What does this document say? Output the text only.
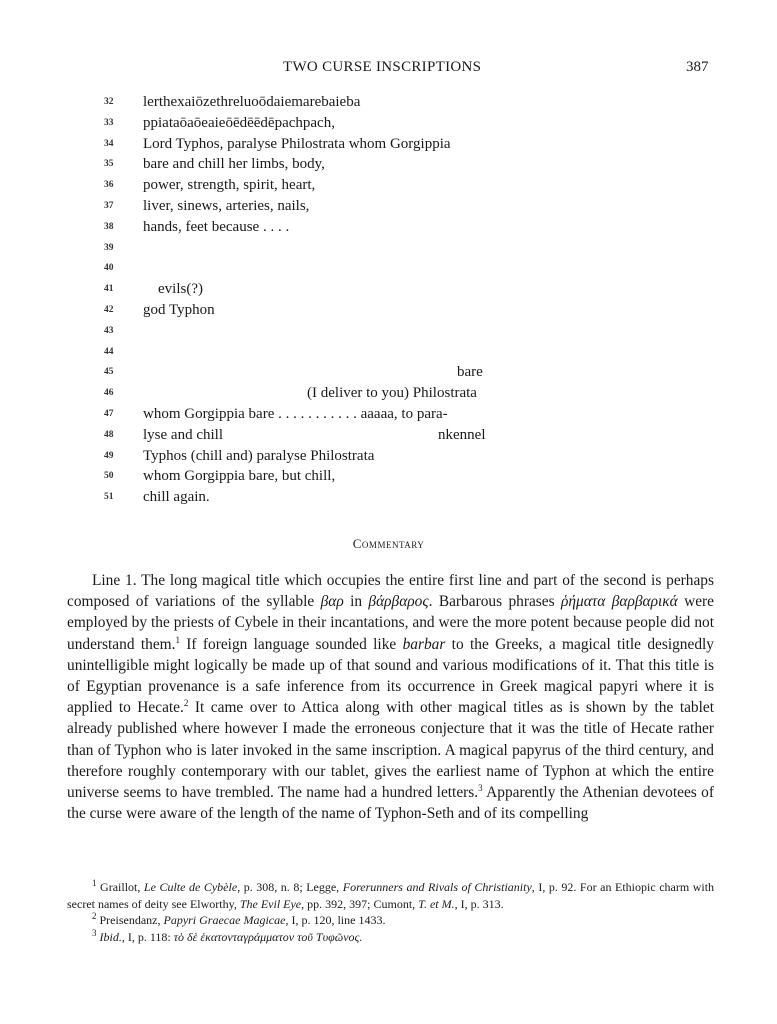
TWO CURSE INSCRIPTIONS	387
32 lerthexaiōzethreluoōdaiemarebaieba
33 ppiataōaōeaieōēdēēdēpachpach,
34 Lord Typhos, paralyse Philostrata whom Gorgippia
35 bare and chill her limbs, body,
36 power, strength, spirit, heart,
37 liver, sinews, arteries, nails,
38 hands, feet because . . . .
39
40
41	evils(?)
42 god Typhon
43
44
45	bare
46	(I deliver to you) Philostrata
47 whom Gorgippia bare . . . . . . . . . . . aaaaa, to para-
48 lyse and chill	nkennel
49 Typhos (chill and) paralyse Philostrata
50 whom Gorgippia bare, but chill,
51 chill again.
Commentary

Line 1. The long magical title which occupies the entire first line and part of the second is perhaps composed of variations of the syllable βαρ in βάρβαρος. Barbarous phrases ῥήματα βαρβαρικά were employed by the priests of Cybele in their incantations, and were the more potent because people did not understand them.$^1$ If foreign language sounded like barbar to the Greeks, a magical title designedly unintelligible might logically be made up of that sound and various modifications of it. That this title is of Egyptian provenance is a safe inference from its occurrence in Greek magical papyri where it is applied to Hecate.$^2$ It came over to Attica along with other magical titles as is shown by the tablet already published where however I made the erroneous conjecture that it was the title of Hecate rather than of Typhon who is later invoked in the same inscription. A magical papyrus of the third century, and therefore roughly contemporary with our tablet, gives the earliest name of Typhon at which the entire universe seems to have trembled. The name had a hundred letters.$^3$ Apparently the Athenian devotees of the curse were aware of the length of the name of Typhon-Seth and of its compelling

$^1$ Graillot, Le Culte de Cybèle, p. 308, n. 8; Legge, Forerunners and Rivals of Christianity, I, p. 92. For an Ethiopic charm with secret names of deity see Elworthy, The Evil Eye, pp. 392, 397; Cumont, T. et M., I, p. 313.

$^2$ Preisendanz, Papyri Graecae Magicae, I, p. 120, line 1433.

$^3$ Ibid., I, p. 118: τὸ δὲ ἑκατονταγράμματον τοῦ Τυφῶνος.
